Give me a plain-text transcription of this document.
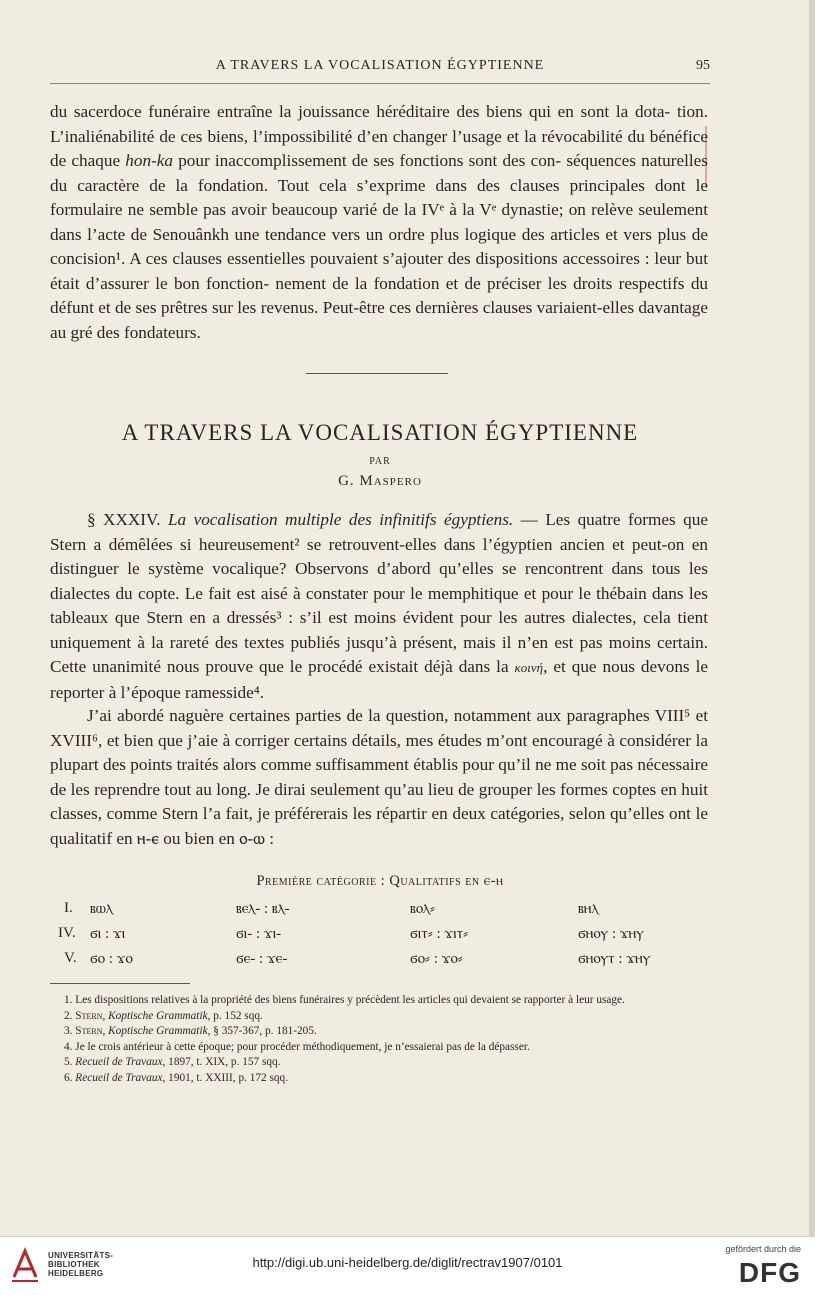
A TRAVERS LA VOCALISATION ÉGYPTIENNE	95

du sacerdoce funéraire entraîne la jouissance héréditaire des biens qui en sont la dota- tion. L’inaliénabilité de ces biens, l’impossibilité d’en changer l’usage et la révocabilité du bénéfice de chaque hon-ka pour inaccomplissement de ses fonctions sont des con- séquences naturelles du caractère de la fondation. Tout cela s’exprime dans des clauses principales dont le formulaire ne semble pas avoir beaucoup varié de la IVᵉ à la Vᵉ dynastie; on relève seulement dans l’acte de Senouânkh une tendance vers un ordre plus logique des articles et vers plus de concision¹. A ces clauses essentielles pouvaient s’ajouter des dispositions accessoires : leur but était d’assurer le bon fonction- nement de la fondation et de préciser les droits respectifs du défunt et de ses prêtres sur les revenus. Peut-être ces dernières clauses variaient-elles davantage au gré des fondateurs.

A TRAVERS LA VOCALISATION ÉGYPTIENNE
PAR
G. Maspero

§ XXXIV. La vocalisation multiple des infinitifs égyptiens. — Les quatre formes que Stern a démêlées si heureusement² se retrouvent-elles dans l’égyptien ancien et peut-on en distinguer le système vocalique? Observons d’abord qu’elles se rencontrent dans tous les dialectes du copte. Le fait est aisé à constater pour le memphitique et pour le thébain dans les tableaux que Stern en a dressés³ : s’il est moins évident pour les autres dialectes, cela tient uniquement à la rareté des textes publiés jusqu’à présent, mais il n’en est pas moins certain. Cette unanimité nous prouve que le procédé existait déjà dans la κοινή, et que nous devons le reporter à l’époque ramesside⁴.

J’ai abordé naguère certaines parties de la question, notamment aux paragraphes VIII⁵ et XVIII⁶, et bien que j’aie à corriger certains détails, mes études m’ont encouragé à considérer la plupart des points traités alors comme suffisamment établis pour qu’il ne me soit pas nécessaire de les reprendre tout au long. Je dirai seulement qu’au lieu de grouper les formes coptes en huit classes, comme Stern l’a fait, je préférerais les répartir en deux catégories, selon qu’elles ont le qualitatif en ⲏ-ⲉ ou bien en ⲟ-ⲱ :

Première catégorie : Qualitatifs en ⲉ-ⲏ
I. ⲃⲱⲗ	ⲃⲉⲗ- : ⲃⲗ-	ⲃⲟⲗ⸗	ⲃⲏⲗ
IV. ϭⲓ : ϫⲓ	ϭⲓ- : ϫⲓ-	ϭⲓⲧ⸗ : ϫⲓⲧ⸗	ϭⲏⲟⲩ : ϫⲏⲩ
V. ϭⲟ : ϫⲟ	ϭⲉ- : ϫⲉ-	ϭⲟ⸗ : ϫⲟ⸗	ϭⲏⲟⲩⲧ : ϫⲏⲩ

1. Les dispositions relatives à la propriété des biens funéraires y précèdent les articles qui devaient se rapporter à leur usage.

2. Stern, Koptische Grammatik, p. 152 sqq.

3. Stern, Koptische Grammatik, § 357-367, p. 181-205.

4. Je le crois antérieur à cette époque; pour procéder méthodiquement, je n’essaierai pas de la dépasser.

5. Recueil de Travaux, 1897, t. XIX, p. 157 sqq.

6. Recueil de Travaux, 1901, t. XXIII, p. 172 sqq.

UNIVERSITÄTS-
BIBLIOTHEK
HEIDELBERG
http://digi.ub.uni-heidelberg.de/diglit/rectrav1907/0101
gefördert durch die
DFG
